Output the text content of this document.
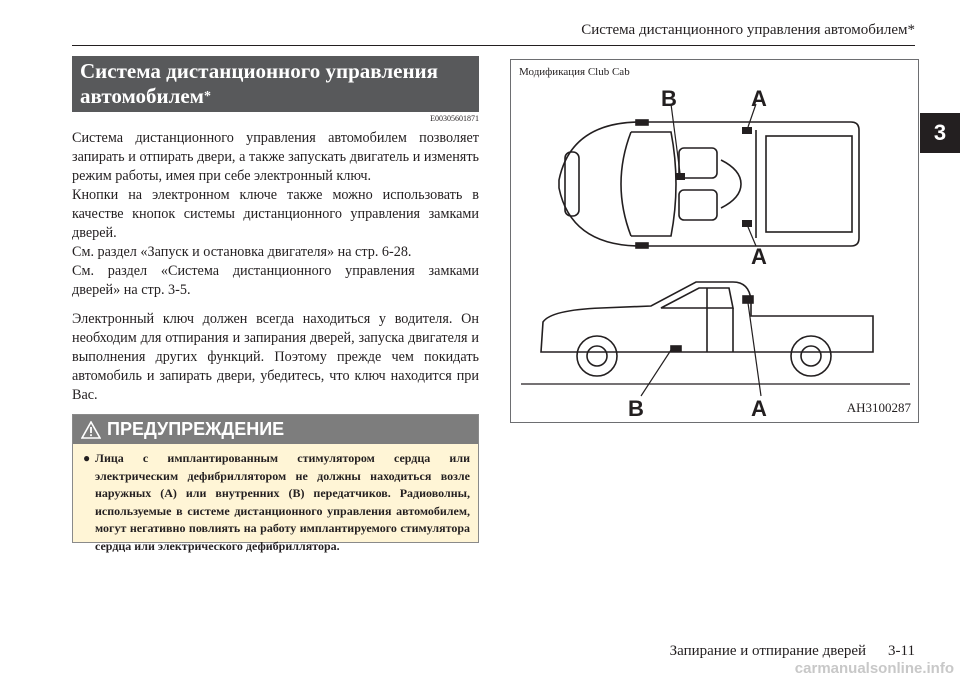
Система дистанционного управления автомобилем*
3
Система дистанционного управления
автомобилем*
E00305601871

Система дистанционного управления автомобилем позволяет запирать и отпирать двери, а также запускать двигатель и изменять режим работы, имея при себе электронный ключ.

Кнопки на электронном ключе также можно использовать в качестве кнопок системы дистанционного управления замками дверей.

См. раздел «Запуск и остановка двигателя» на стр. 6-28.

См. раздел «Система дистанционного управления замками дверей» на стр. 3-5.

Электронный ключ должен всегда находиться у водителя. Он необходим для отпирания и запирания дверей, запуска двигателя и выполнения других функций. Поэтому прежде чем покидать автомобиль и запирать двери, убедитесь, что ключ находится при Вас.

ПРЕДУПРЕЖДЕНИЕ
● Лица с имплантированным стимулятором сердца или электрическим дефибриллятором не должны находиться возле наружных (A) или внутренних (B) передатчиков. Радиоволны, используемые в системе дистанционного управления автомобилем, могут негативно повлиять на работу имплантируемого стимулятора сердца или электрического дефибриллятора.
Модификация Club Cab
B	A
A
B	A	AH3100287
Запирание и отпирание дверей 3-11
carmanualsonline.info
